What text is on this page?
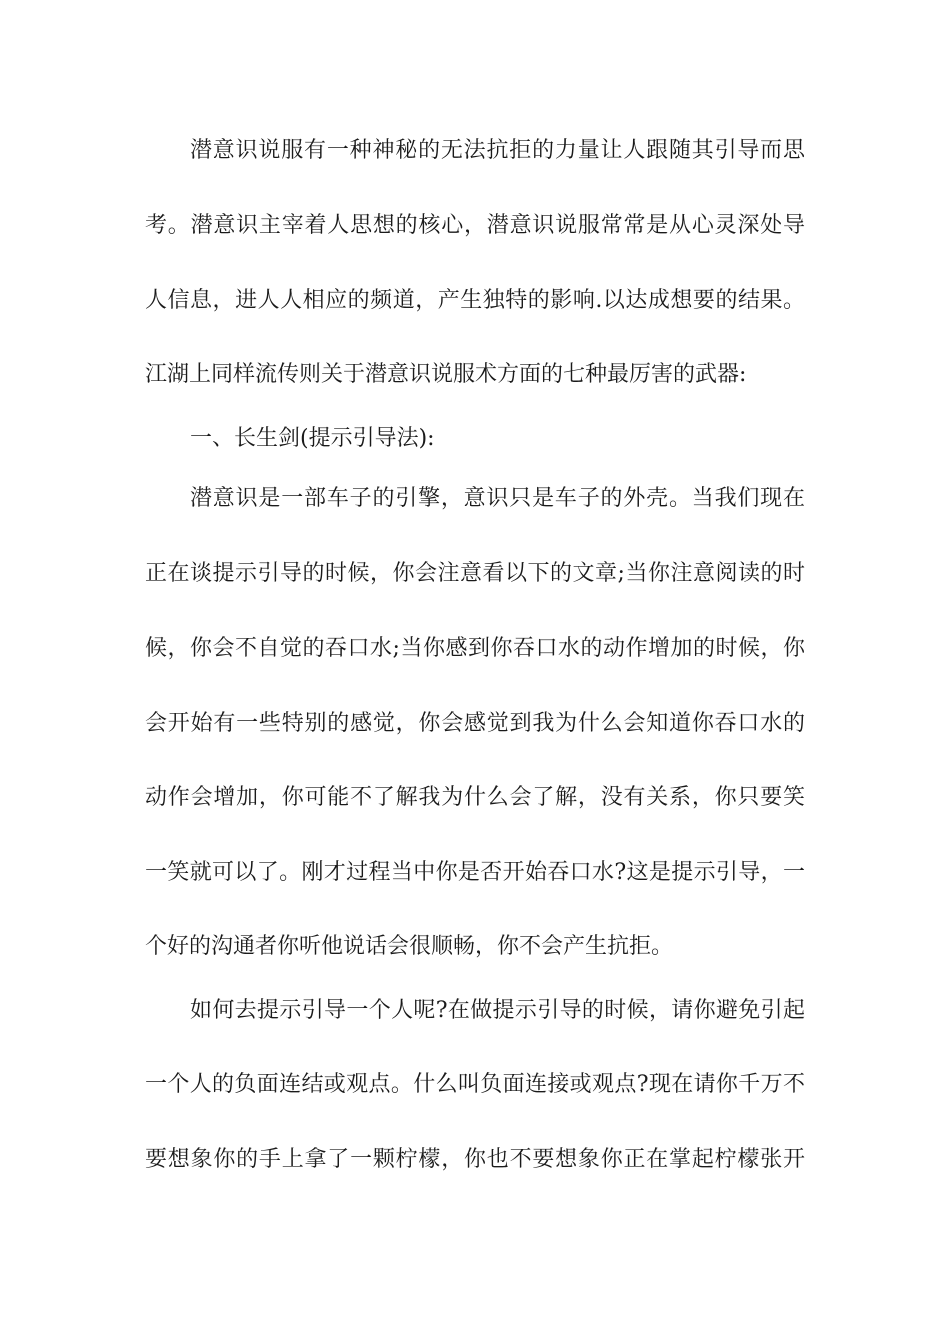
潜意识说服有一种神秘的无法抗拒的力量让人跟随其引导而思

考。潜意识主宰着人思想的核心，潜意识说服常常是从心灵深处导

人信息，进人人相应的频道，产生独特的影响.以达成想要的结果。

江湖上同样流传则关于潜意识说服术方面的七种最厉害的武器:

一、长生剑(提示引导法):

潜意识是一部车子的引擎，意识只是车子的外壳。当我们现在

正在谈提示引导的时候，你会注意看以下的文章;当你注意阅读的时

候，你会不自觉的吞口水;当你感到你吞口水的动作增加的时候，你

会开始有一些特别的感觉，你会感觉到我为什么会知道你吞口水的

动作会增加，你可能不了解我为什么会了解，没有关系，你只要笑

一笑就可以了。刚才过程当中你是否开始吞口水?这是提示引导，一

个好的沟通者你听他说话会很顺畅，你不会产生抗拒。

如何去提示引导一个人呢?在做提示引导的时候，请你避免引起

一个人的负面连结或观点。什么叫负面连接或观点?现在请你千万不

要想象你的手上拿了一颗柠檬，你也不要想象你正在掌起柠檬张开
